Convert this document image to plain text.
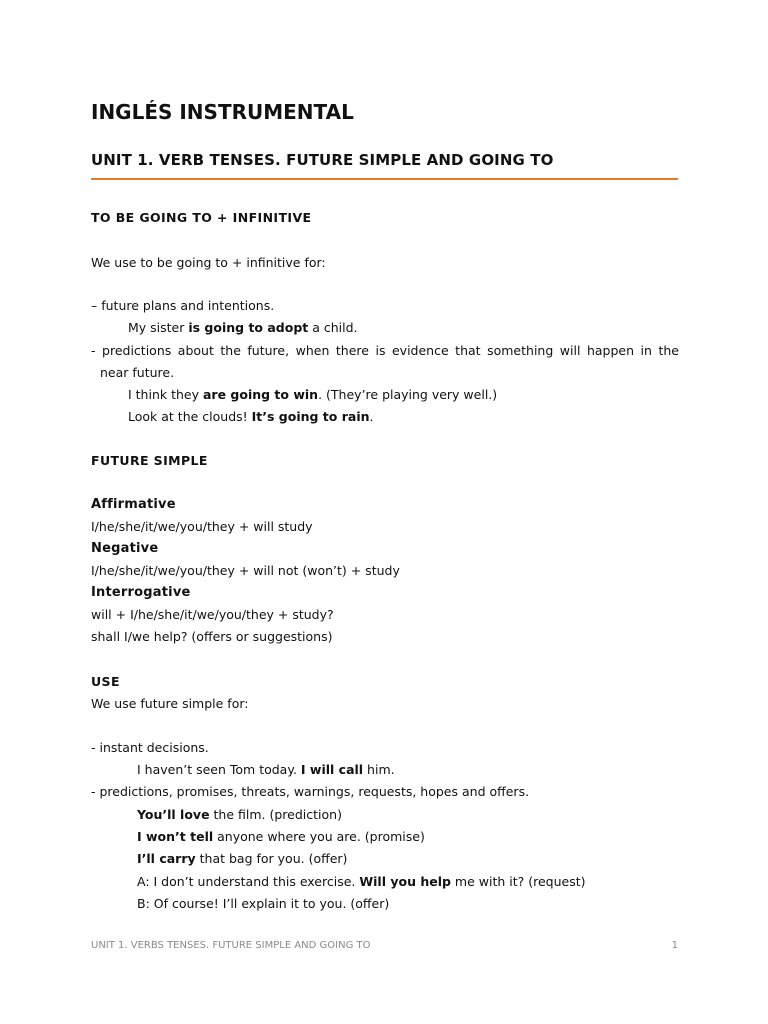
INGLÉS INSTRUMENTAL
UNIT 1. VERB TENSES. FUTURE SIMPLE AND GOING TO

TO BE GOING TO + INFINITIVE

We use to be going to + infinitive for:

– future plans and intentions.

My sister is going to adopt a child.

- predictions about the future, when there is evidence that something will happen in the

near future.

I think they are going to win. (They’re playing very well.)

Look at the clouds! It’s going to rain.

FUTURE SIMPLE

Affirmative

I/he/she/it/we/you/they + will study

Negative

I/he/she/it/we/you/they + will not (won’t) + study

Interrogative

will + I/he/she/it/we/you/they + study?

shall I/we help? (offers or suggestions)

USE

We use future simple for:

- instant decisions.

I haven’t seen Tom today. I will call him.

- predictions, promises, threats, warnings, requests, hopes and offers.

You’ll love the film. (prediction)

I won’t tell anyone where you are. (promise)

I’ll carry that bag for you. (offer)

A: I don’t understand this exercise. Will you help me with it? (request)

B: Of course! I’ll explain it to you. (offer)

UNIT 1. VERBS TENSES. FUTURE SIMPLE AND GOING TO	1
